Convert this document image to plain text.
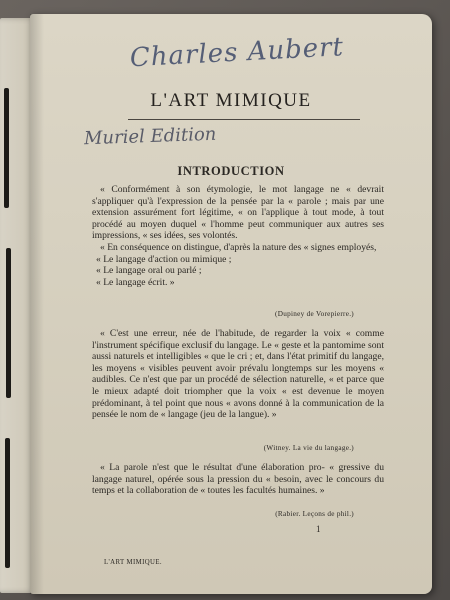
Charles Aubert
L'ART MIMIQUE
Muriel Edition
INTRODUCTION

« Conformément à son étymologie, le mot langage ne « devrait s'appliquer qu'à l'expression de la pensée par la « parole ; mais par une extension assurément fort légitime, « on l'applique à tout mode, à tout procédé au moyen duquel « l'homme peut communiquer aux autres ses impressions, « ses idées, ses volontés.

« En conséquence on distingue, d'après la nature des « signes employés,

« Le langage d'action ou mimique ;

« Le langage oral ou parlé ;

« Le langage écrit. »

(Dupiney de Vorepierre.)

« C'est une erreur, née de l'habitude, de regarder la voix « comme l'instrument spécifique exclusif du langage. Le « geste et la pantomime sont aussi naturels et intelligibles « que le cri ; et, dans l'état primitif du langage, les moyens « visibles peuvent avoir prévalu longtemps sur les moyens « audibles. Ce n'est que par un procédé de sélection naturelle, « et parce que le mieux adapté doit triompher que la voix « est devenue le moyen prédominant, à tel point que nous « avons donné à la communication de la pensée le nom de « langage (jeu de la langue). »

(Witney. La vie du langage.)

« La parole n'est que le résultat d'une élaboration pro- « gressive du langage naturel, opérée sous la pression du « besoin, avec le concours du temps et la collaboration de « toutes les facultés humaines. »

(Rabier. Leçons de phil.)
L'ART MIMIQUE.
1
